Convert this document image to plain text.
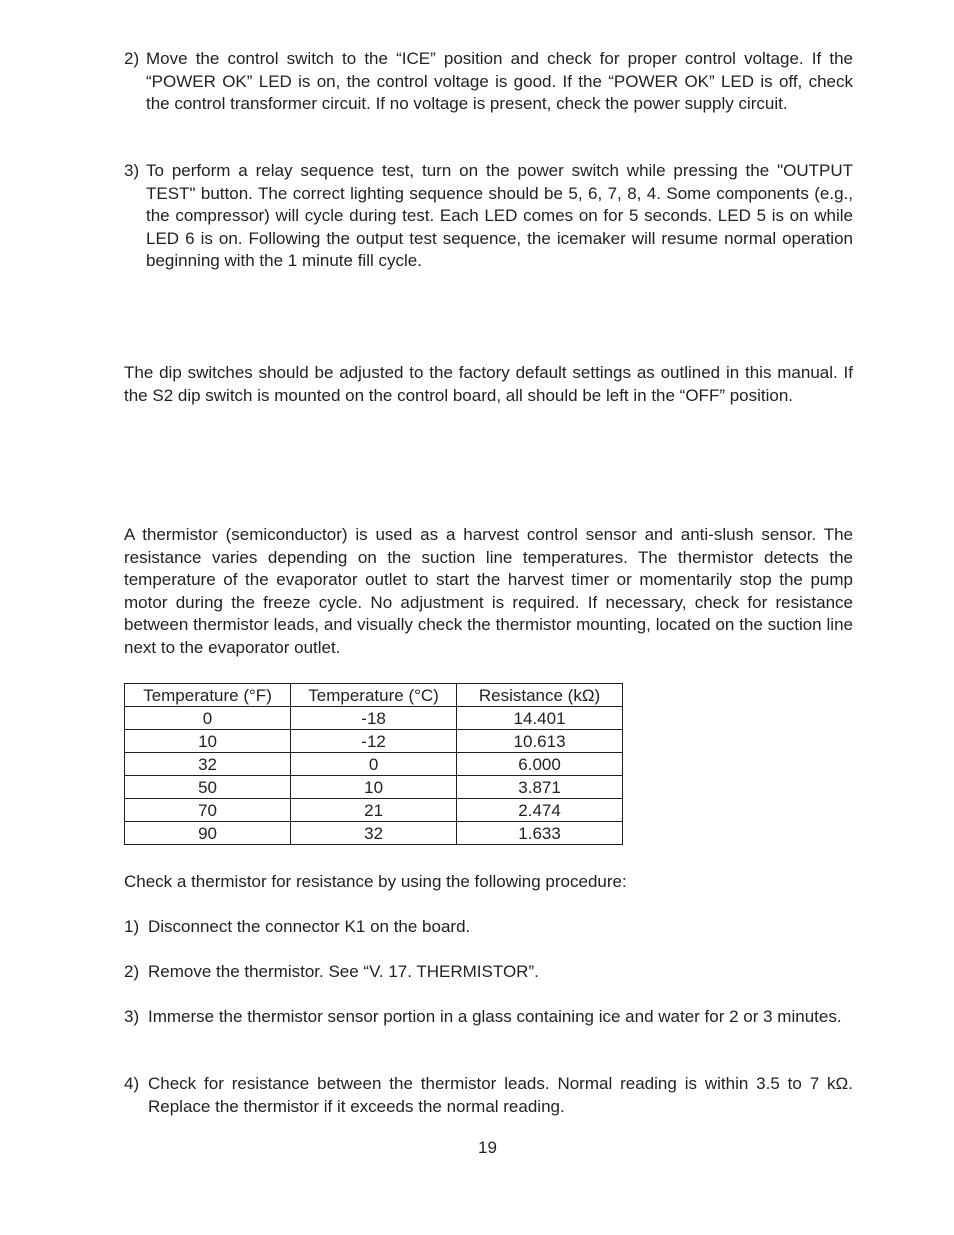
2) Move the control switch to the “ICE” position and check for proper control voltage. If the “POWER OK” LED is on, the control voltage is good. If the “POWER OK” LED is off, check the control transformer circuit. If no voltage is present, check the power supply circuit.
3) To perform a relay sequence test, turn on the power switch while pressing the "OUTPUT TEST" button. The correct lighting sequence should be 5, 6, 7, 8, 4. Some components (e.g., the compressor) will cycle during test. Each LED comes on for 5 seconds. LED 5 is on while LED 6 is on. Following the output test sequence, the icemaker will resume normal operation beginning with the 1 minute fill cycle.
The dip switches should be adjusted to the factory default settings as outlined in this manual. If the S2 dip switch is mounted on the control board, all should be left in the “OFF” position.
A thermistor (semiconductor) is used as a harvest control sensor and anti-slush sensor. The resistance varies depending on the suction line temperatures. The thermistor detects the temperature of the evaporator outlet to start the harvest timer or momentarily stop the pump motor during the freeze cycle. No adjustment is required. If necessary, check for resistance between thermistor leads, and visually check the thermistor mounting, located on the suction line next to the evaporator outlet.
Temperature (°F)	Temperature (°C)	Resistance (kΩ)
0	-18	14.401
10	-12	10.613
32	0	6.000
50	10	3.871
70	21	2.474
90	32	1.633
Check a thermistor for resistance by using the following procedure:
1) Disconnect the connector K1 on the board.
2) Remove the thermistor. See “V. 17. THERMISTOR”.
3) Immerse the thermistor sensor portion in a glass containing ice and water for 2 or 3 minutes.
4) Check for resistance between the thermistor leads. Normal reading is within 3.5 to 7 kΩ. Replace the thermistor if it exceeds the normal reading.
19
